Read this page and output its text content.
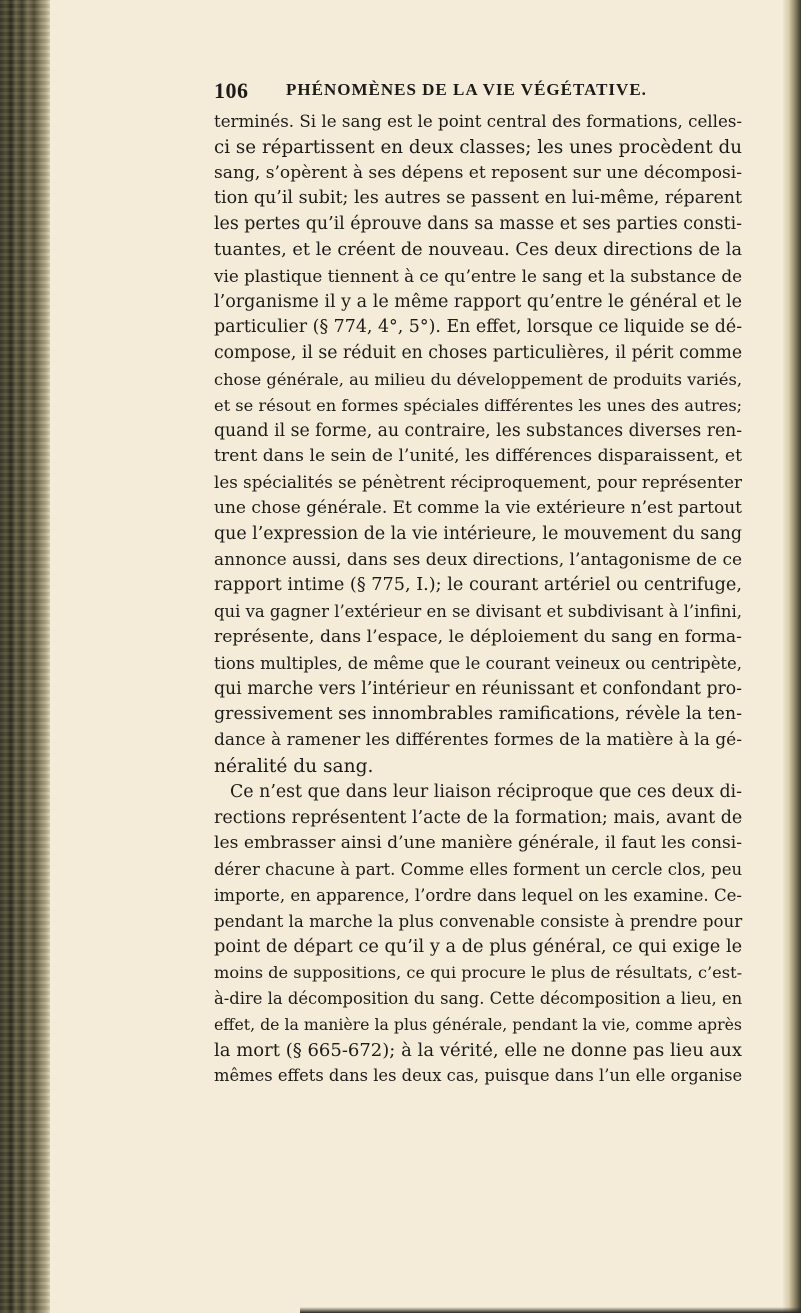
106 PHÉNOMÈNES DE LA VIE VÉGÉTATIVE.
terminés. Si le sang est le point central des formations, celles-
ci se répartissent en deux classes; les unes procèdent du
sang, s’opèrent à ses dépens et reposent sur une décomposi-
tion qu’il subit; les autres se passent en lui-même, réparent
les pertes qu’il éprouve dans sa masse et ses parties consti-
tuantes, et le créent de nouveau. Ces deux directions de la
vie plastique tiennent à ce qu’entre le sang et la substance de
l’organisme il y a le même rapport qu’entre le général et le
particulier (§ 774, 4°, 5°). En effet, lorsque ce liquide se dé-
compose, il se réduit en choses particulières, il périt comme
chose générale, au milieu du développement de produits variés,
et se résout en formes spéciales différentes les unes des autres;
quand il se forme, au contraire, les substances diverses ren-
trent dans le sein de l’unité, les différences disparaissent, et
les spécialités se pénètrent réciproquement, pour représenter
une chose générale. Et comme la vie extérieure n’est partout
que l’expression de la vie intérieure, le mouvement du sang
annonce aussi, dans ses deux directions, l’antagonisme de ce
rapport intime (§ 775, I.); le courant artériel ou centrifuge,
qui va gagner l’extérieur en se divisant et subdivisant à l’infini,
représente, dans l’espace, le déploiement du sang en forma-
tions multiples, de même que le courant veineux ou centripète,
qui marche vers l’intérieur en réunissant et confondant pro-
gressivement ses innombrables ramifications, révèle la ten-
dance à ramener les différentes formes de la matière à la gé-
néralité du sang.
Ce n’est que dans leur liaison réciproque que ces deux di-
rections représentent l’acte de la formation; mais, avant de
les embrasser ainsi d’une manière générale, il faut les consi-
dérer chacune à part. Comme elles forment un cercle clos, peu
importe, en apparence, l’ordre dans lequel on les examine. Ce-
pendant la marche la plus convenable consiste à prendre pour
point de départ ce qu’il y a de plus général, ce qui exige le
moins de suppositions, ce qui procure le plus de résultats, c’est-
à-dire la décomposition du sang. Cette décomposition a lieu, en
effet, de la manière la plus générale, pendant la vie, comme après
la mort (§ 665-672); à la vérité, elle ne donne pas lieu aux
mêmes effets dans les deux cas, puisque dans l’un elle organise
